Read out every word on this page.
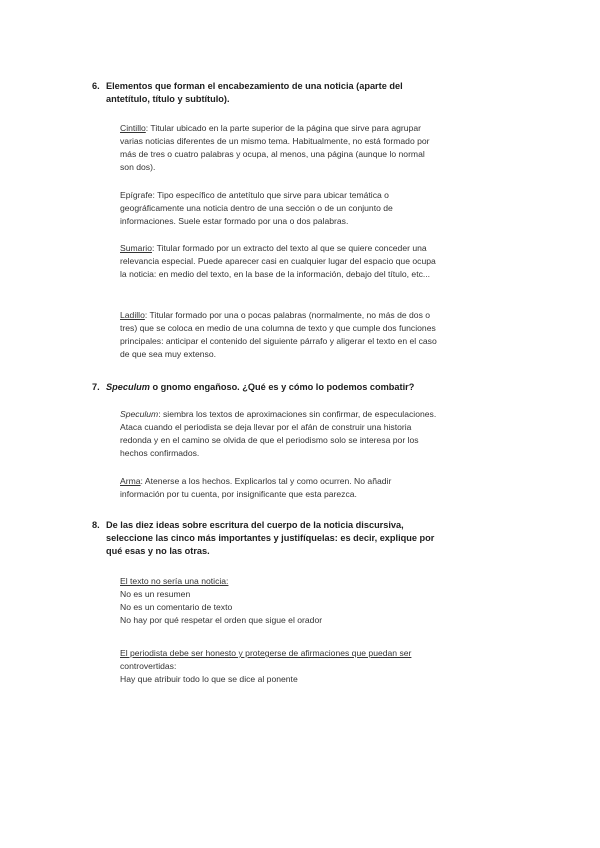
6. Elementos que forman el encabezamiento de una noticia (aparte del antetítulo, título y subtítulo).
Cintillo: Titular ubicado en la parte superior de la página que sirve para agrupar varias noticias diferentes de un mismo tema. Habitualmente, no está formado por más de tres o cuatro palabras y ocupa, al menos, una página (aunque lo normal son dos).
Epígrafe: Tipo específico de antetítulo que sirve para ubicar temática o geográficamente una noticia dentro de una sección o de un conjunto de informaciones. Suele estar formado por una o dos palabras.
Sumario: Titular formado por un extracto del texto al que se quiere conceder una relevancia especial. Puede aparecer casi en cualquier lugar del espacio que ocupa la noticia: en medio del texto, en la base de la información, debajo del título, etc...
Ladillo: Titular formado por una o pocas palabras (normalmente, no más de dos o tres) que se coloca en medio de una columna de texto y que cumple dos funciones principales: anticipar el contenido del siguiente párrafo y aligerar el texto en el caso de que sea muy extenso.
7. Speculum o gnomo engañoso. ¿Qué es y cómo lo podemos combatir?
Speculum: siembra los textos de aproximaciones sin confirmar, de especulaciones. Ataca cuando el periodista se deja llevar por el afán de construir una historia redonda y en el camino se olvida de que el periodismo solo se interesa por los hechos confirmados.
Arma: Atenerse a los hechos. Explicarlos tal y como ocurren. No añadir información por tu cuenta, por insignificante que esta parezca.
8. De las diez ideas sobre escritura del cuerpo de la noticia discursiva, seleccione las cinco más importantes y justifíquelas: es decir, explique por qué esas y no las otras.
El texto no sería una noticia:
No es un resumen
No es un comentario de texto
No hay por qué respetar el orden que sigue el orador
El periodista debe ser honesto y protegerse de afirmaciones que puedan ser
controvertidas:
Hay que atribuir todo lo que se dice al ponente
